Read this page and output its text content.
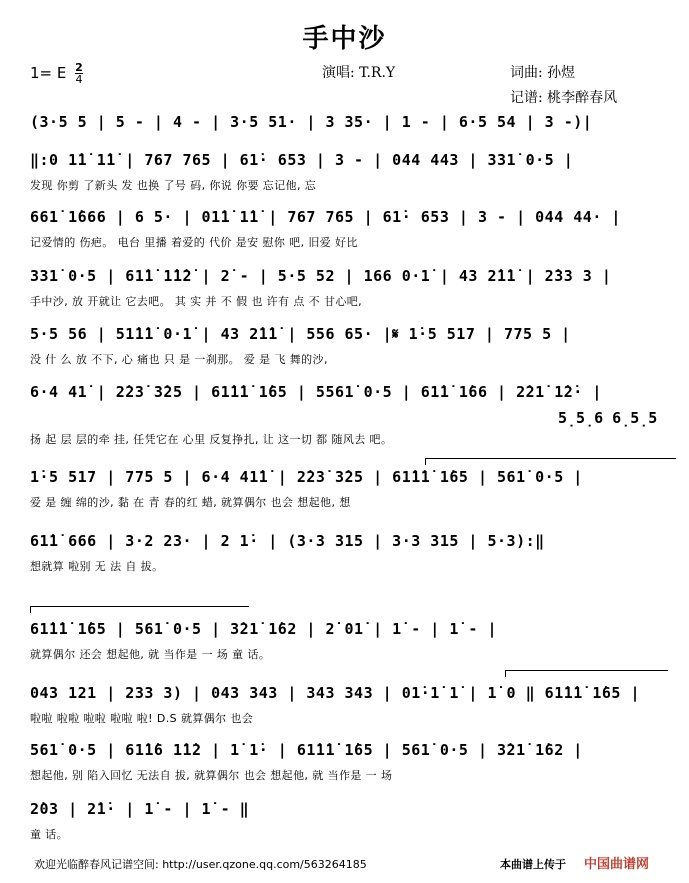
手中沙
1= E $\frac{2}{4}$	演唱: T.R.Y	词曲: 孙煜
记谱: 桃李醉春风
(3·5 5 | 5 - | 4 - | 3·5 51· | 3 35· | 1 - | 6·5 54 | 3 -)|
‖:0 1̇1̇ 1̇1̇ | 767 765 | 61̇· 653 | 3 - | 044 443 | 331̇ 0·5 |
发现 你剪 了新头 发 也换 了号 码, 你说 你要 忘记他, 忘
661̇ 1̇666 | 6 5· | 01̇1̇ 1̇1̇ | 767 765 | 61̇· 653 | 3 - | 044 44· |
记爱情的 伤疤。 电台 里播 着爱的 代价 是安 慰你 吧, 旧爱 好比
331̇ 0·5 | 61̇1̇ 1̇1̇2̇ | 2̇ - | 5·5 52 | 166 0·1̇ | 43 2̇1̇1̇ | 2̇33 3 |
手中沙, 放 开就让 它去吧。 其 实 并 不 假 也 许有 点 不 甘心吧,
5·5 56 | 51̇1̇1̇ 0·1̇ | 43 2̇1̇1̇ | 556 65· |𝄋 1̇·5 517 | 775 5 |
没 什 么 放 不下, 心 痛也 只 是 一刹那。 爱 是 飞 舞的沙,
6·4 41̇ | 2̇23̇ 3̇25 | 61̇1̇1̇ 1̇65 | 5561̇ 0·5 | 61̇1̇ 1̇66 | 2̇21̇ 1̇2̇· |
5̣5̣6 6̣5̣5
扬 起 层 层的牵 挂, 任凭它在 心里 反复挣扎, 让 这一切 都 随风去 吧。
1̇·5 517 | 775 5 | 6·4 41̇1̇ | 2̇23̇ 3̇25 | 61̇1̇1̇ 1̇65 | 561̇ 0·5 |
爱 是 缠 绵的沙, 黏 在 青 春的红 蜡, 就算偶尔 也会 想起他, 想
61̇1̇ 666 | 3·2 23· | 2 1̇· | (3·3 315 | 3·3 315 | 5·3):‖
想就算 啦别 无 法 自 拔。
61̇1̇1̇ 1̇65 | 561̇ 0·5 | 3̇21̇ 1̇62 | 2̇ 01̇ | 1̇ - | 1̇ - |
就算偶尔 还会 想起他, 就 当作是 一 场 童 话。
043 121 | 233 3) | 043 343 | 343 343 | 01̇·1̇ 1̇ | 1̇ 0 ‖ 61̇1̇1̇ 1̇65 |
啦啦 啦啦 啦啦 啦啦 啦! D.S 就算偶尔 也会
561̇ 0·5 | 61̇1̇6 1̇1̇2 | 1̇ 1̇· | 61̇1̇1̇ 1̇65 | 561̇ 0·5 | 3̇21̇ 1̇62 |
想起他, 别 陷入回忆 无法自 拔, 就算偶尔 也会 想起他, 就 当作是 一 场
2̇03 | 2̇1̇· | 1̇ - | 1̇ - ‖
童 话。
欢迎光临醉春风记谱空间: http://user.qzone.qq.com/563264185	本曲谱上传于 中国曲谱网
